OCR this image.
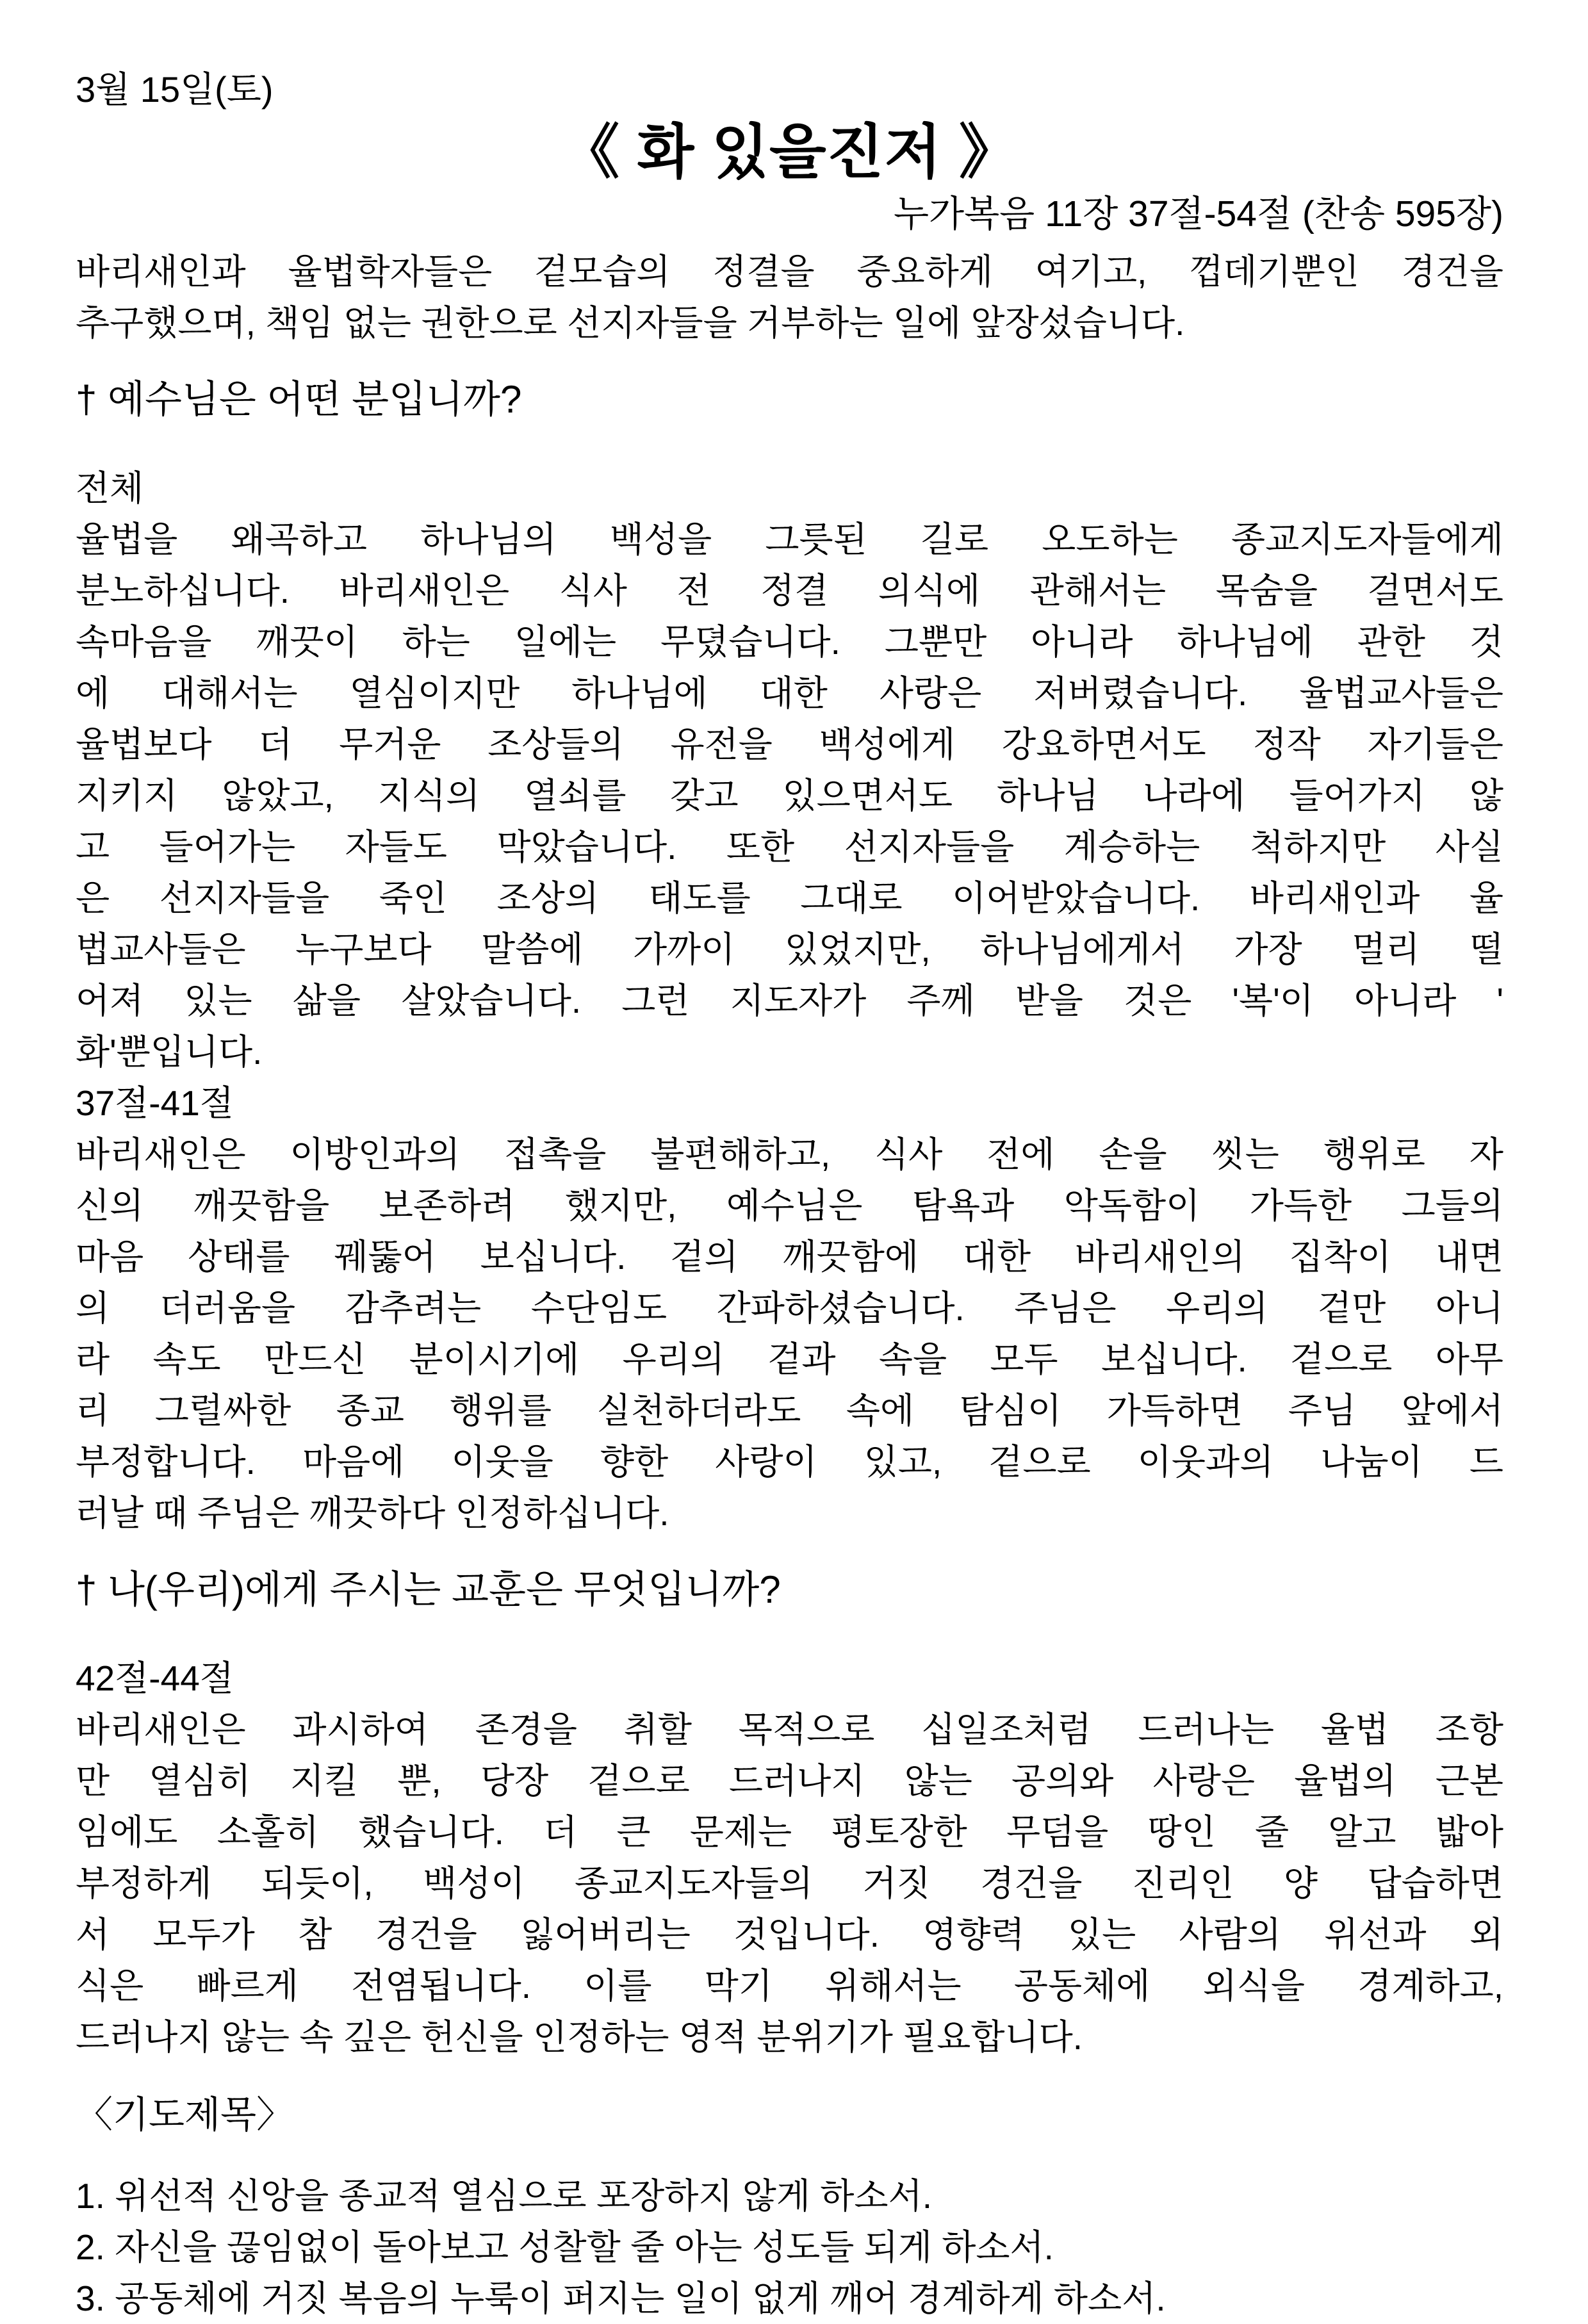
3월 15일(토)
《 화 있을진저 》
누가복음 11장 37절-54절 (찬송 595장)
바리새인과 율법학자들은 겉모습의 정결을 중요하게 여기고, 껍데기뿐인 경건을
추구했으며, 책임 없는 권한으로 선지자들을 거부하는 일에 앞장섰습니다.
† 예수님은 어떤 분입니까?
전체
율법을 왜곡하고 하나님의 백성을 그릇된 길로 오도하는 종교지도자들에게
분노하십니다. 바리새인은 식사 전 정결 의식에 관해서는 목숨을 걸면서도
속마음을 깨끗이 하는 일에는 무뎠습니다. 그뿐만 아니라 하나님에 관한 것
에 대해서는 열심이지만 하나님에 대한 사랑은 저버렸습니다. 율법교사들은
율법보다 더 무거운 조상들의 유전을 백성에게 강요하면서도 정작 자기들은
지키지 않았고, 지식의 열쇠를 갖고 있으면서도 하나님 나라에 들어가지 않
고 들어가는 자들도 막았습니다. 또한 선지자들을 계승하는 척하지만 사실
은 선지자들을 죽인 조상의 태도를 그대로 이어받았습니다. 바리새인과 율
법교사들은 누구보다 말씀에 가까이 있었지만, 하나님에게서 가장 멀리 떨
어져 있는 삶을 살았습니다. 그런 지도자가 주께 받을 것은 '복'이 아니라 '
화'뿐입니다.
37절-41절
바리새인은 이방인과의 접촉을 불편해하고, 식사 전에 손을 씻는 행위로 자
신의 깨끗함을 보존하려 했지만, 예수님은 탐욕과 악독함이 가득한 그들의
마음 상태를 꿰뚫어 보십니다. 겉의 깨끗함에 대한 바리새인의 집착이 내면
의 더러움을 감추려는 수단임도 간파하셨습니다. 주님은 우리의 겉만 아니
라 속도 만드신 분이시기에 우리의 겉과 속을 모두 보십니다. 겉으로 아무
리 그럴싸한 종교 행위를 실천하더라도 속에 탐심이 가득하면 주님 앞에서
부정합니다. 마음에 이웃을 향한 사랑이 있고, 겉으로 이웃과의 나눔이 드
러날 때 주님은 깨끗하다 인정하십니다.
† 나(우리)에게 주시는 교훈은 무엇입니까?
42절-44절
바리새인은 과시하여 존경을 취할 목적으로 십일조처럼 드러나는 율법 조항
만 열심히 지킬 뿐, 당장 겉으로 드러나지 않는 공의와 사랑은 율법의 근본
임에도 소홀히 했습니다. 더 큰 문제는 평토장한 무덤을 땅인 줄 알고 밟아
부정하게 되듯이, 백성이 종교지도자들의 거짓 경건을 진리인 양 답습하면
서 모두가 참 경건을 잃어버리는 것입니다. 영향력 있는 사람의 위선과 외
식은 빠르게 전염됩니다. 이를 막기 위해서는 공동체에 외식을 경계하고,
드러나지 않는 속 깊은 헌신을 인정하는 영적 분위기가 필요합니다.
〈기도제목〉
1. 위선적 신앙을 종교적 열심으로 포장하지 않게 하소서.
2. 자신을 끊임없이 돌아보고 성찰할 줄 아는 성도들 되게 하소서.
3. 공동체에 거짓 복음의 누룩이 퍼지는 일이 없게 깨어 경계하게 하소서.
